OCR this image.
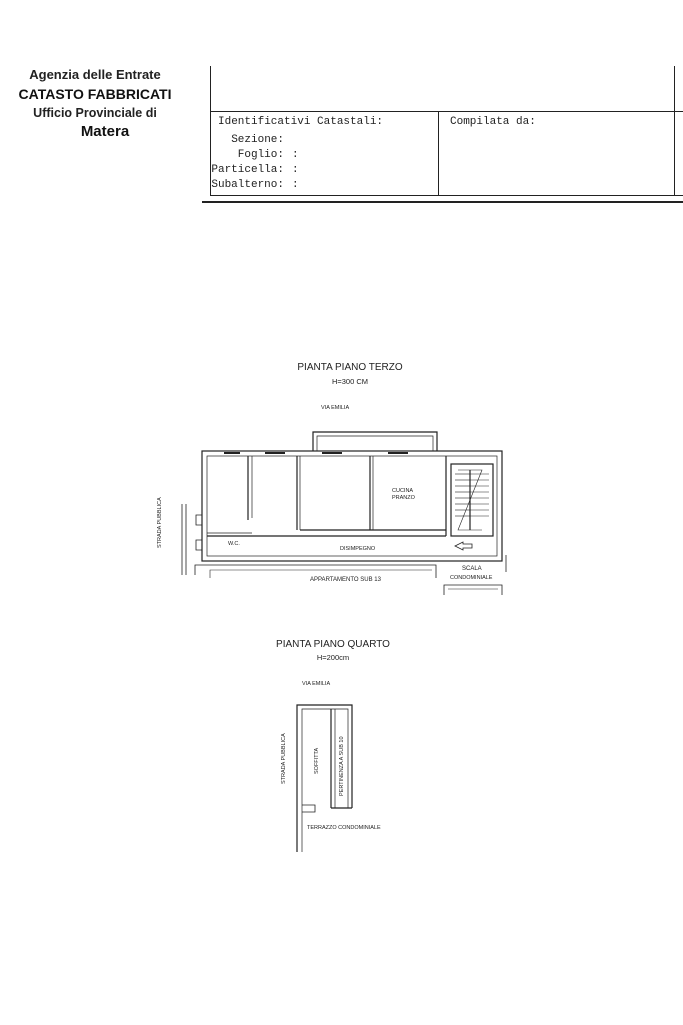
Agenzia delle Entrate
CATASTO FABBRICATI
Ufficio Provinciale di
Matera
Identificativi Catastali:	Compilata da:
Sezione:
Foglio: :
Particella: :
Subalterno: :
PIANTA PIANO TERZO
H=300 CM
VIA EMILIA
STRADA PUBBLICA
CUCINA PRANZO
W.C.
DISIMPEGNO
APPARTAMENTO SUB 13
SCALA
CONDOMINIALE
PIANTA PIANO QUARTO
H=200cm
VIA EMILIA
STRADA PUBBLICA	SOFFITTA	PERTINENZA A SUB 10
TERRAZZO CONDOMINIALE
